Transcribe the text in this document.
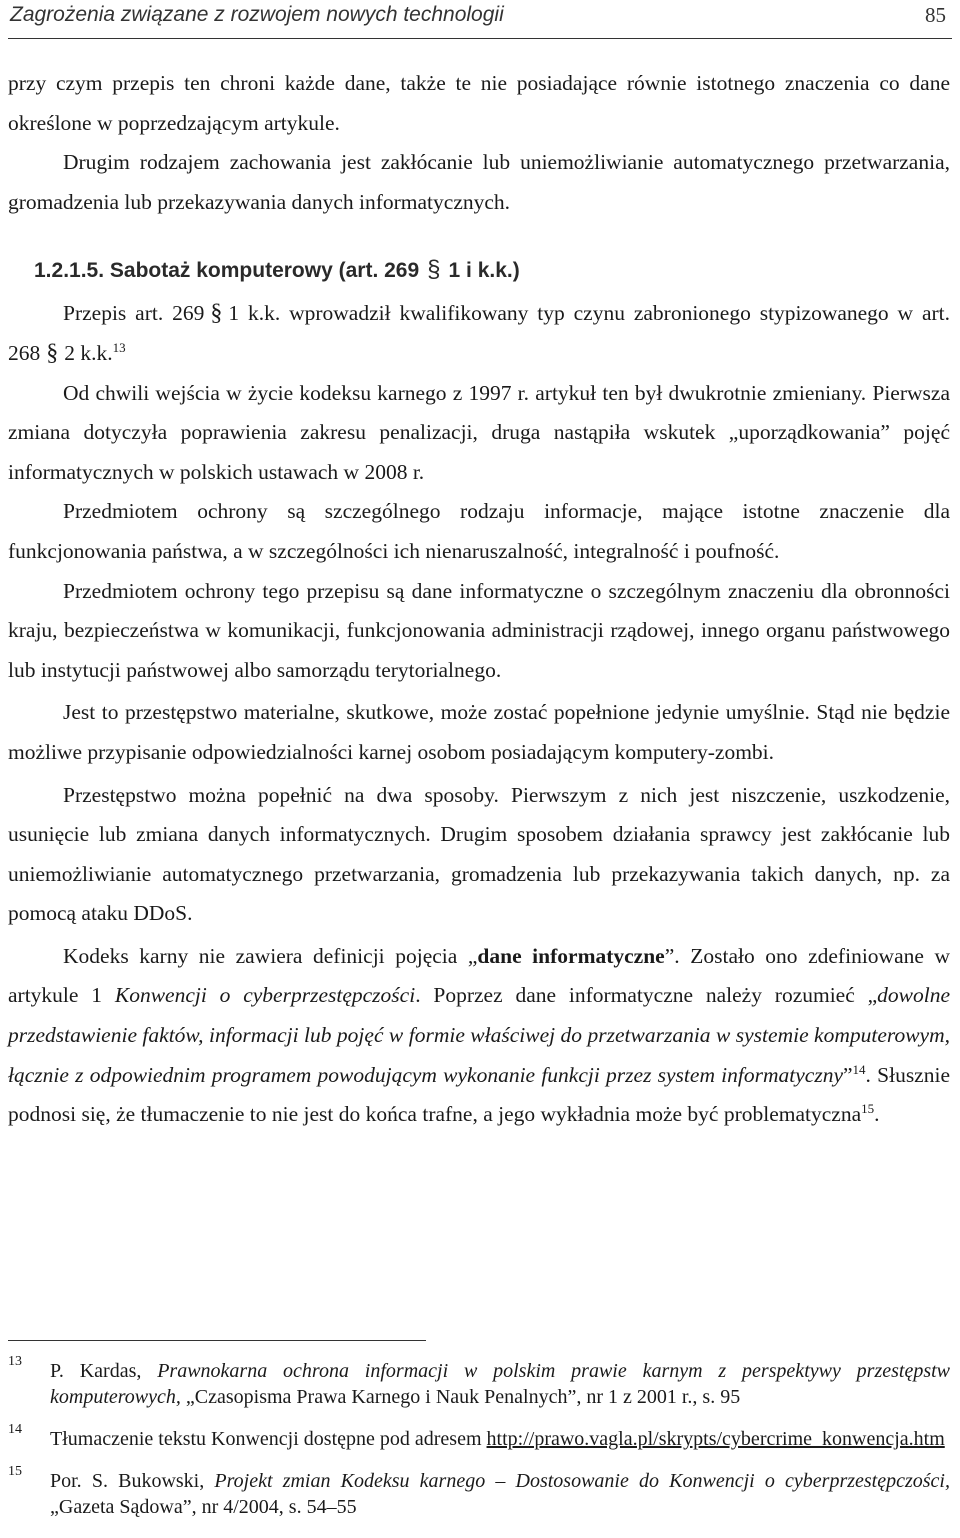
Zagrożenia związane z rozwojem nowych technologii	85

przy czym przepis ten chroni każde dane, także te nie posiadające równie istotnego znaczenia co dane określone w poprzedzającym artykule.

Drugim rodzajem zachowania jest zakłócanie lub uniemożliwianie automatycznego przetwarzania, gromadzenia lub przekazywania danych informatycznych.

1.2.1.5. Sabotaż komputerowy (art. 269 § 1 i k.k.)

Przepis art. 269 § 1 k.k. wprowadził kwalifikowany typ czynu zabronionego stypizowanego w art. 268 § 2 k.k.$^{13}$

Od chwili wejścia w życie kodeksu karnego z 1997 r. artykuł ten był dwukrotnie zmieniany. Pierwsza zmiana dotyczyła poprawienia zakresu penalizacji, druga nastąpiła wskutek „uporządkowania” pojęć informatycznych w polskich ustawach w 2008 r.

Przedmiotem ochrony są szczególnego rodzaju informacje, mające istotne znaczenie dla funkcjonowania państwa, a w szczególności ich nienaruszalność, integralność i poufność.

Przedmiotem ochrony tego przepisu są dane informatyczne o szczególnym znaczeniu dla obronności kraju, bezpieczeństwa w komunikacji, funkcjonowania administracji rządowej, innego organu państwowego lub instytucji państwowej albo samorządu terytorialnego.

Jest to przestępstwo materialne, skutkowe, może zostać popełnione jedynie umyślnie. Stąd nie będzie możliwe przypisanie odpowiedzialności karnej osobom posiadającym komputery-zombi.

Przestępstwo można popełnić na dwa sposoby. Pierwszym z nich jest niszczenie, uszkodzenie, usunięcie lub zmiana danych informatycznych. Drugim sposobem działania sprawcy jest zakłócanie lub uniemożliwianie automatycznego przetwarzania, gromadzenia lub przekazywania takich danych, np. za pomocą ataku DDoS.

Kodeks karny nie zawiera definicji pojęcia „dane informatyczne”. Zostało ono zdefiniowane w artykule 1 Konwencji o cyberprzestępczości. Poprzez dane informatyczne należy rozumieć „dowolne przedstawienie faktów, informacji lub pojęć w formie właściwej do przetwarzania w systemie komputerowym, łącznie z odpowiednim programem powodującym wykonanie funkcji przez system informatyczny”$^{14}$. Słusznie podnosi się, że tłumaczenie to nie jest do końca trafne, a jego wykładnia może być problematyczna$^{15}$.

13 P. Kardas, Prawnokarna ochrona informacji w polskim prawie karnym z perspektywy przestępstw komputerowych, „Czasopisma Prawa Karnego i Nauk Penalnych”, nr 1 z 2001 r., s. 95
14 Tłumaczenie tekstu Konwencji dostępne pod adresem http://prawo.vagla.pl/skrypts/cybercrime_konwencja.htm
15 Por. S. Bukowski, Projekt zmian Kodeksu karnego – Dostosowanie do Konwencji o cyberprzestępczości, „Gazeta Sądowa”, nr 4/2004, s. 54–55
